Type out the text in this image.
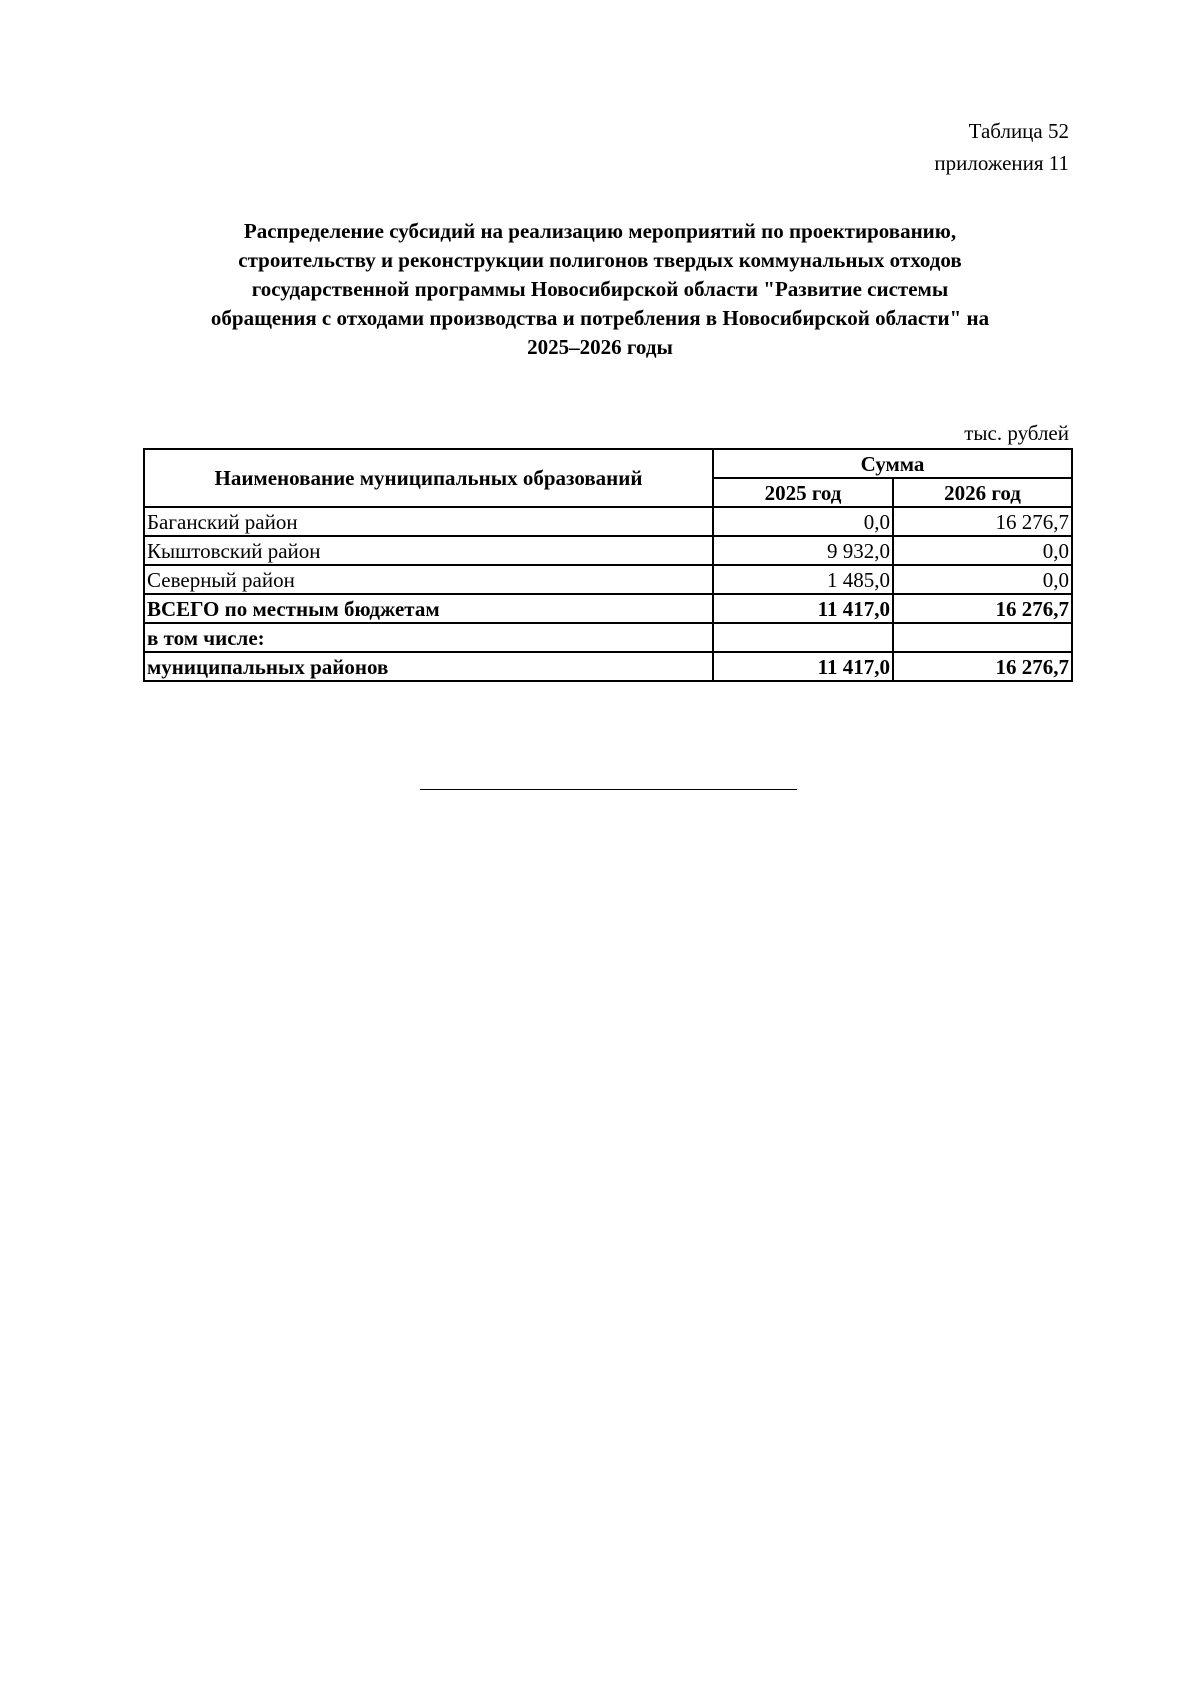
Таблица 52
приложения 11
Распределение субсидий на реализацию мероприятий по проектированию,
строительству и реконструкции полигонов твердых коммунальных отходов
государственной программы Новосибирской области "Развитие системы
обращения с отходами производства и потребления в Новосибирской области" на
2025–2026 годы
тыс. рублей
Наименование муниципальных образований	Сумма	
	2025 год	2026 год
Баганский район	0,0	16 276,7
Кыштовский район	9 932,0	0,0
Северный район	1 485,0	0,0
ВСЕГО по местным бюджетам	11 417,0	16 276,7
в том числе:		
муниципальных районов	11 417,0	16 276,7
